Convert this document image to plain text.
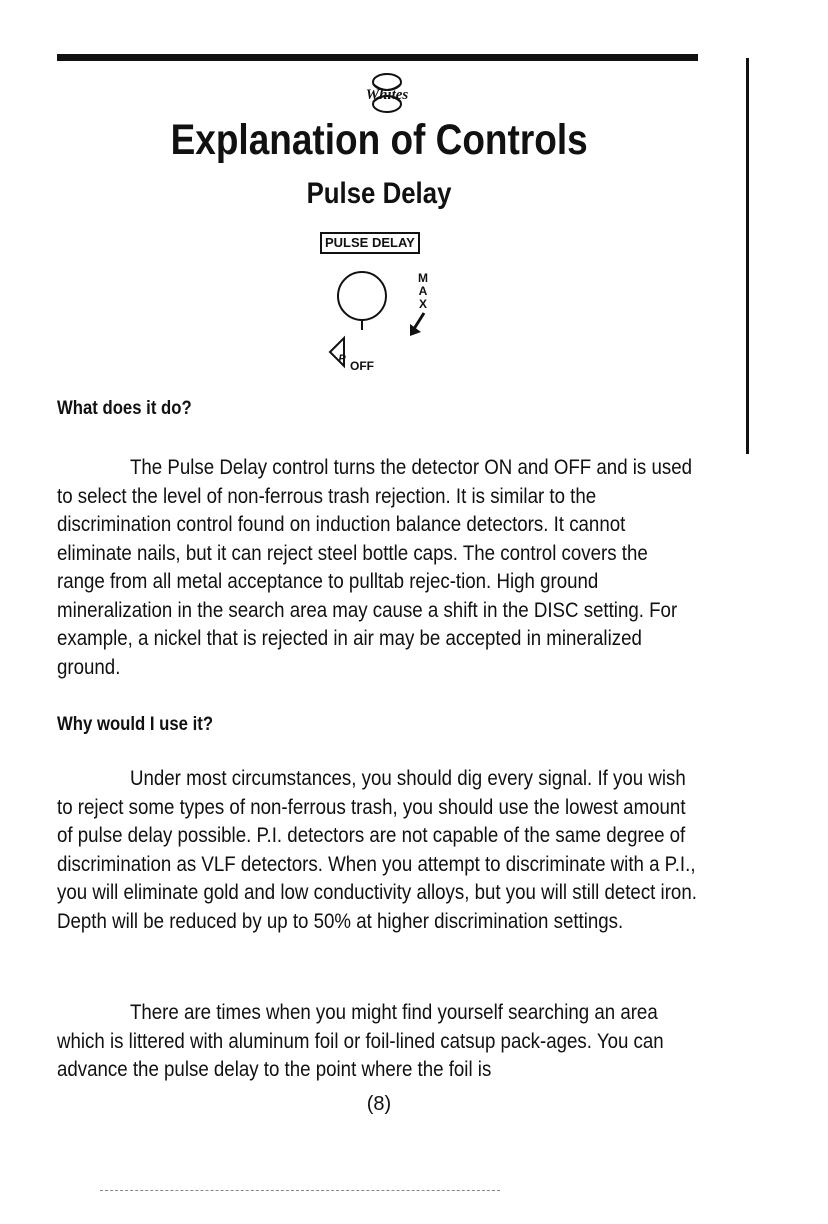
Whites
Explanation of Controls
Pulse Delay
PULSE DELAY
M
A
X
P OFF
What does it do?
The Pulse Delay control turns the detector ON and OFF and is used to select the level of non-ferrous trash rejection. It is similar to the discrimination control found on induction balance detectors. It cannot eliminate nails, but it can reject steel bottle caps. The control covers the range from all metal acceptance to pulltab rejec-tion. High ground mineralization in the search area may cause a shift in the DISC setting. For example, a nickel that is rejected in air may be accepted in mineralized ground.
Why would I use it?
Under most circumstances, you should dig every signal. If you wish to reject some types of non-ferrous trash, you should use the lowest amount of pulse delay possible. P.I. detectors are not capable of the same degree of discrimination as VLF detectors. When you attempt to discriminate with a P.I., you will eliminate gold and low conductivity alloys, but you will still detect iron. Depth will be reduced by up to 50% at higher discrimination settings.
There are times when you might find yourself searching an area which is littered with aluminum foil or foil-lined catsup pack-ages. You can advance the pulse delay to the point where the foil is
(8)
